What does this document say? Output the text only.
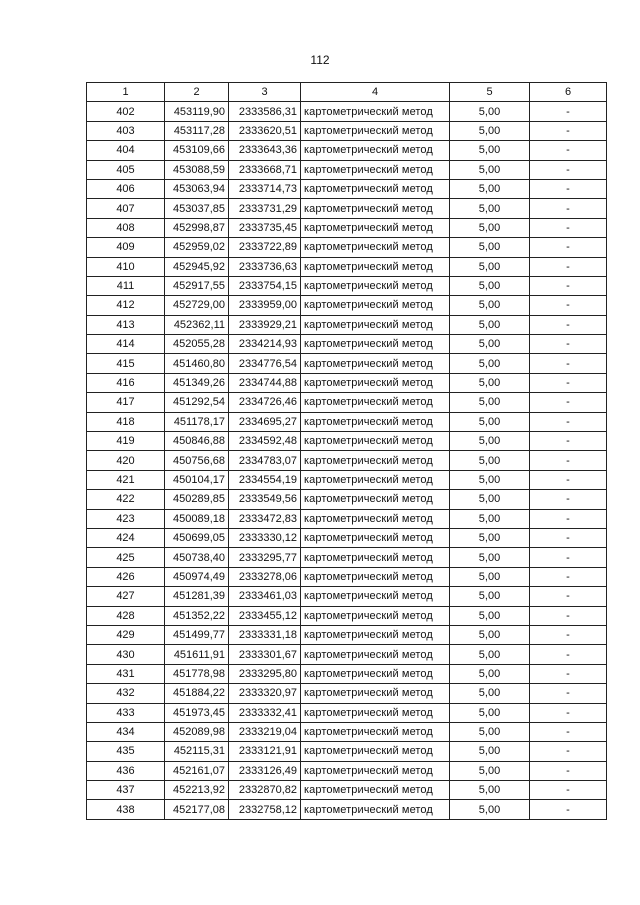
112
1	2	3	4	5	6
402	453119,90	2333586,31	картометрический метод	5,00	-
403	453117,28	2333620,51	картометрический метод	5,00	-
404	453109,66	2333643,36	картометрический метод	5,00	-
405	453088,59	2333668,71	картометрический метод	5,00	-
406	453063,94	2333714,73	картометрический метод	5,00	-
407	453037,85	2333731,29	картометрический метод	5,00	-
408	452998,87	2333735,45	картометрический метод	5,00	-
409	452959,02	2333722,89	картометрический метод	5,00	-
410	452945,92	2333736,63	картометрический метод	5,00	-
411	452917,55	2333754,15	картометрический метод	5,00	-
412	452729,00	2333959,00	картометрический метод	5,00	-
413	452362,11	2333929,21	картометрический метод	5,00	-
414	452055,28	2334214,93	картометрический метод	5,00	-
415	451460,80	2334776,54	картометрический метод	5,00	-
416	451349,26	2334744,88	картометрический метод	5,00	-
417	451292,54	2334726,46	картометрический метод	5,00	-
418	451178,17	2334695,27	картометрический метод	5,00	-
419	450846,88	2334592,48	картометрический метод	5,00	-
420	450756,68	2334783,07	картометрический метод	5,00	-
421	450104,17	2334554,19	картометрический метод	5,00	-
422	450289,85	2333549,56	картометрический метод	5,00	-
423	450089,18	2333472,83	картометрический метод	5,00	-
424	450699,05	2333330,12	картометрический метод	5,00	-
425	450738,40	2333295,77	картометрический метод	5,00	-
426	450974,49	2333278,06	картометрический метод	5,00	-
427	451281,39	2333461,03	картометрический метод	5,00	-
428	451352,22	2333455,12	картометрический метод	5,00	-
429	451499,77	2333331,18	картометрический метод	5,00	-
430	451611,91	2333301,67	картометрический метод	5,00	-
431	451778,98	2333295,80	картометрический метод	5,00	-
432	451884,22	2333320,97	картометрический метод	5,00	-
433	451973,45	2333332,41	картометрический метод	5,00	-
434	452089,98	2333219,04	картометрический метод	5,00	-
435	452115,31	2333121,91	картометрический метод	5,00	-
436	452161,07	2333126,49	картометрический метод	5,00	-
437	452213,92	2332870,82	картометрический метод	5,00	-
438	452177,08	2332758,12	картометрический метод	5,00	-
